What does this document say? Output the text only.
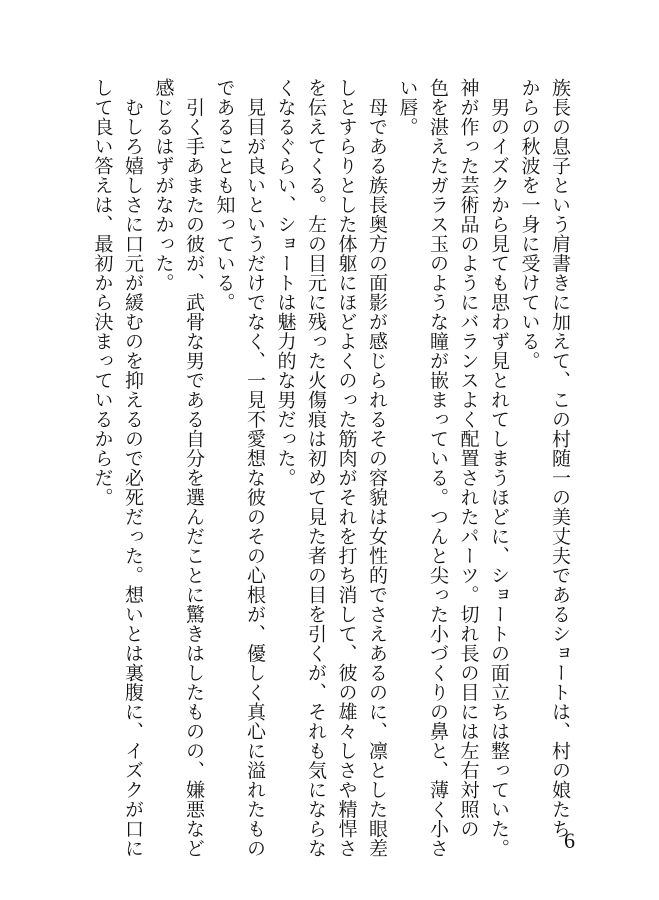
族長の息子という肩書きに加えて、この村随一の美丈夫であるショートは、村の娘たち
からの秋波を一身に受けている。
　男のイズクから見ても思わず見とれてしまうほどに、ショートの面立ちは整っていた。
神が作った芸術品のようにバランスよく配置されたパーツ。切れ長の目には左右対照の
色を湛えたガラス玉のような瞳が嵌まっている。つんと尖った小づくりの鼻と、薄く小さ
い唇。
　母である族長奥方の面影が感じられるその容貌は女性的でさえあるのに、凛とした眼差
しとすらりとした体躯にほどよくのった筋肉がそれを打ち消して、彼の雄々しさや精悍さ
を伝えてくる。左の目元に残った火傷痕は初めて見た者の目を引くが、それも気にならな
くなるぐらい、ショートは魅力的な男だった。
　見目が良いというだけでなく、一見不愛想な彼のその心根が、優しく真心に溢れたもの
であることも知っている。
　引く手あまたの彼が、武骨な男である自分を選んだことに驚きはしたものの、嫌悪など
感じるはずがなかった。
　むしろ嬉しさに口元が緩むのを抑えるので必死だった。想いとは裏腹に、イズクが口に
して良い答えは、最初から決まっているからだ。
6
